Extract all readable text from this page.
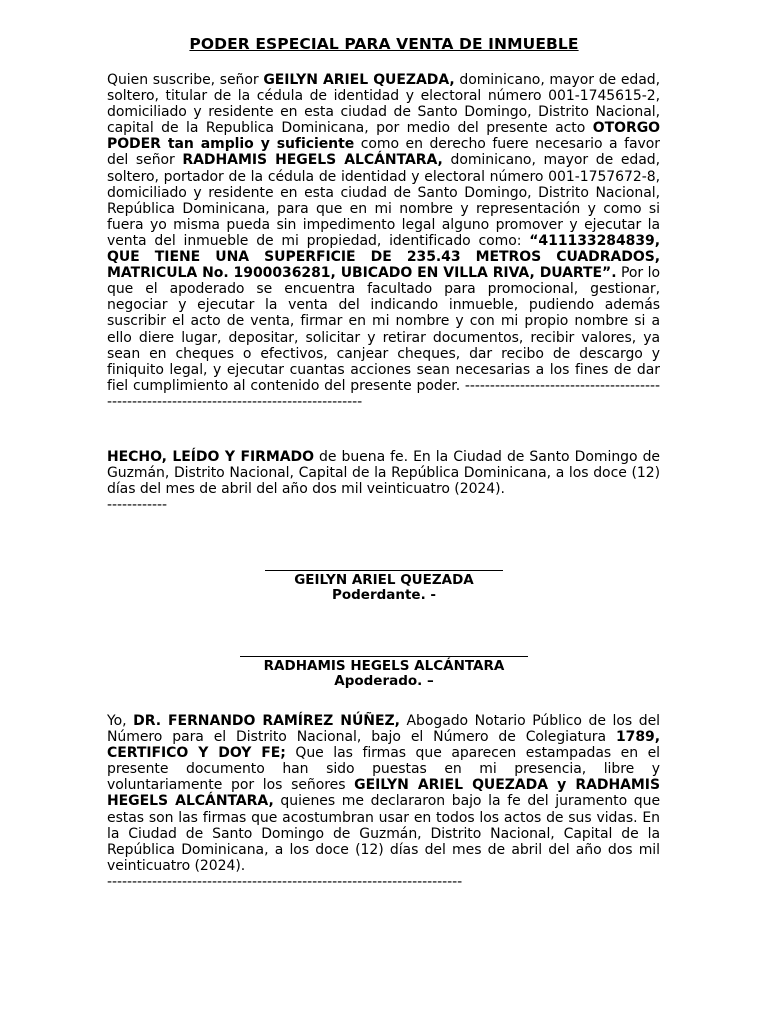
PODER ESPECIAL PARA VENTA DE INMUEBLE
Quien suscribe, señor GEILYN ARIEL QUEZADA, dominicano, mayor de edad, soltero, titular de la cédula de identidad y electoral número 001-1745615-2, domiciliado y residente en esta ciudad de Santo Domingo, Distrito Nacional, capital de la Republica Dominicana, por medio del presente acto OTORGO PODER tan amplio y suficiente como en derecho fuere necesario a favor del señor RADHAMIS HEGELS ALCÁNTARA, dominicano, mayor de edad, soltero, portador de la cédula de identidad y electoral número 001-1757672-8, domiciliado y residente en esta ciudad de Santo Domingo, Distrito Nacional, República Dominicana, para que en mi nombre y representación y como si fuera yo misma pueda sin impedimento legal alguno promover y ejecutar la venta del inmueble de mi propiedad, identificado como: “411133284839, QUE TIENE UNA SUPERFICIE DE 235.43 METROS CUADRADOS, MATRICULA No. 1900036281, UBICADO EN VILLA RIVA, DUARTE”. Por lo que el apoderado se encuentra facultado para promocional, gestionar, negociar y ejecutar la venta del indicando inmueble, pudiendo además suscribir el acto de venta, firmar en mi nombre y con mi propio nombre si a ello diere lugar, depositar, solicitar y retirar documentos, recibir valores, ya sean en cheques o efectivos, canjear cheques, dar recibo de descargo y finiquito legal, y ejecutar cuantas acciones sean necesarias a los fines de dar fiel cumplimiento al contenido del presente poder. ------------------------------------------------------------------------------------------
HECHO, LEÍDO Y FIRMADO de buena fe. En la Ciudad de Santo Domingo de Guzmán, Distrito Nacional, Capital de la República Dominicana, a los doce (12) días del mes de abril del año dos mil veinticuatro (2024).
------------
GEILYN ARIEL QUEZADA
Poderdante. -
RADHAMIS HEGELS ALCÁNTARA
Apoderado. –
Yo, DR. FERNANDO RAMÍREZ NÚÑEZ, Abogado Notario Público de los del Número para el Distrito Nacional, bajo el Número de Colegiatura 1789, CERTIFICO Y DOY FE; Que las firmas que aparecen estampadas en el presente documento han sido puestas en mi presencia, libre y voluntariamente por los señores GEILYN ARIEL QUEZADA y RADHAMIS HEGELS ALCÁNTARA, quienes me declararon bajo la fe del juramento que estas son las firmas que acostumbran usar en todos los actos de sus vidas. En la Ciudad de Santo Domingo de Guzmán, Distrito Nacional, Capital de la República Dominicana, a los doce (12) días del mes de abril del año dos mil veinticuatro (2024).
-----------------------------------------------------------------------
